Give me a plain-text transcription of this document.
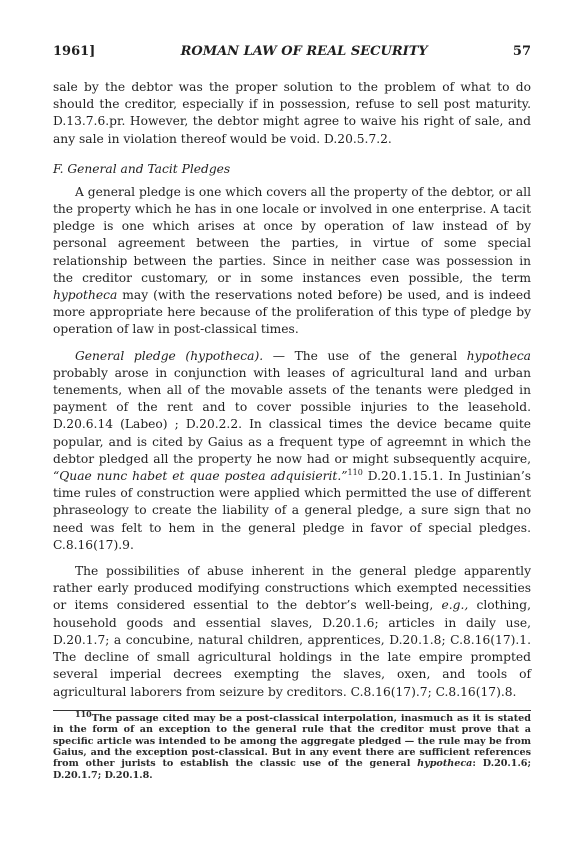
1961]	ROMAN LAW OF REAL SECURITY	57

sale by the debtor was the proper solution to the problem of what to do should the creditor, especially if in possession, refuse to sell post maturity. D.13.7.6.pr. However, the debtor might agree to waive his right of sale, and any sale in violation thereof would be void. D.20.5.7.2.

F. General and Tacit Pledges

A general pledge is one which covers all the property of the debtor, or all the property which he has in one locale or involved in one enterprise. A tacit pledge is one which arises at once by operation of law instead of by personal agreement between the parties, in virtue of some special relationship between the parties. Since in neither case was possession in the creditor customary, or in some instances even possible, the term hypotheca may (with the reservations noted before) be used, and is indeed more appropriate here because of the proliferation of this type of pledge by operation of law in post-classical times.

General pledge (hypotheca). — The use of the general hypotheca probably arose in conjunction with leases of agricultural land and urban tenements, when all of the movable assets of the tenants were pledged in payment of the rent and to cover possible injuries to the leasehold. D.20.6.14 (Labeo) ; D.20.2.2. In classical times the device became quite popular, and is cited by Gaius as a frequent type of agreemnt in which the debtor pledged all the property he now had or might subsequently acquire, “Quae nunc habet et quae postea adquisierit.”$^{110}$ D.20.1.15.1. In Justinian’s time rules of construction were applied which permitted the use of different phraseology to create the liability of a general pledge, a sure sign that no need was felt to hem in the general pledge in favor of special pledges. C.8.16(17).9.

The possibilities of abuse inherent in the general pledge apparently rather early produced modifying constructions which exempted necessities or items considered essential to the debtor’s well-being, e.g., clothing, household goods and essential slaves, D.20.1.6; articles in daily use, D.20.1.7; a concubine, natural children, apprentices, D.20.1.8; C.8.16(17).1. The decline of small agricultural holdings in the late empire prompted several imperial decrees exempting the slaves, oxen, and tools of agricultural laborers from seizure by creditors. C.8.16(17).7; C.8.16(17).8.

$^{110}$The passage cited may be a post-classical interpolation, inasmuch as it is stated in the form of an exception to the general rule that the creditor must prove that a specific article was intended to be among the aggregate pledged — the rule may be from Gaius, and the exception post-classical. But in any event there are sufficient references from other jurists to establish the classic use of the general hypotheca: D.20.1.6; D.20.1.7; D.20.1.8.
